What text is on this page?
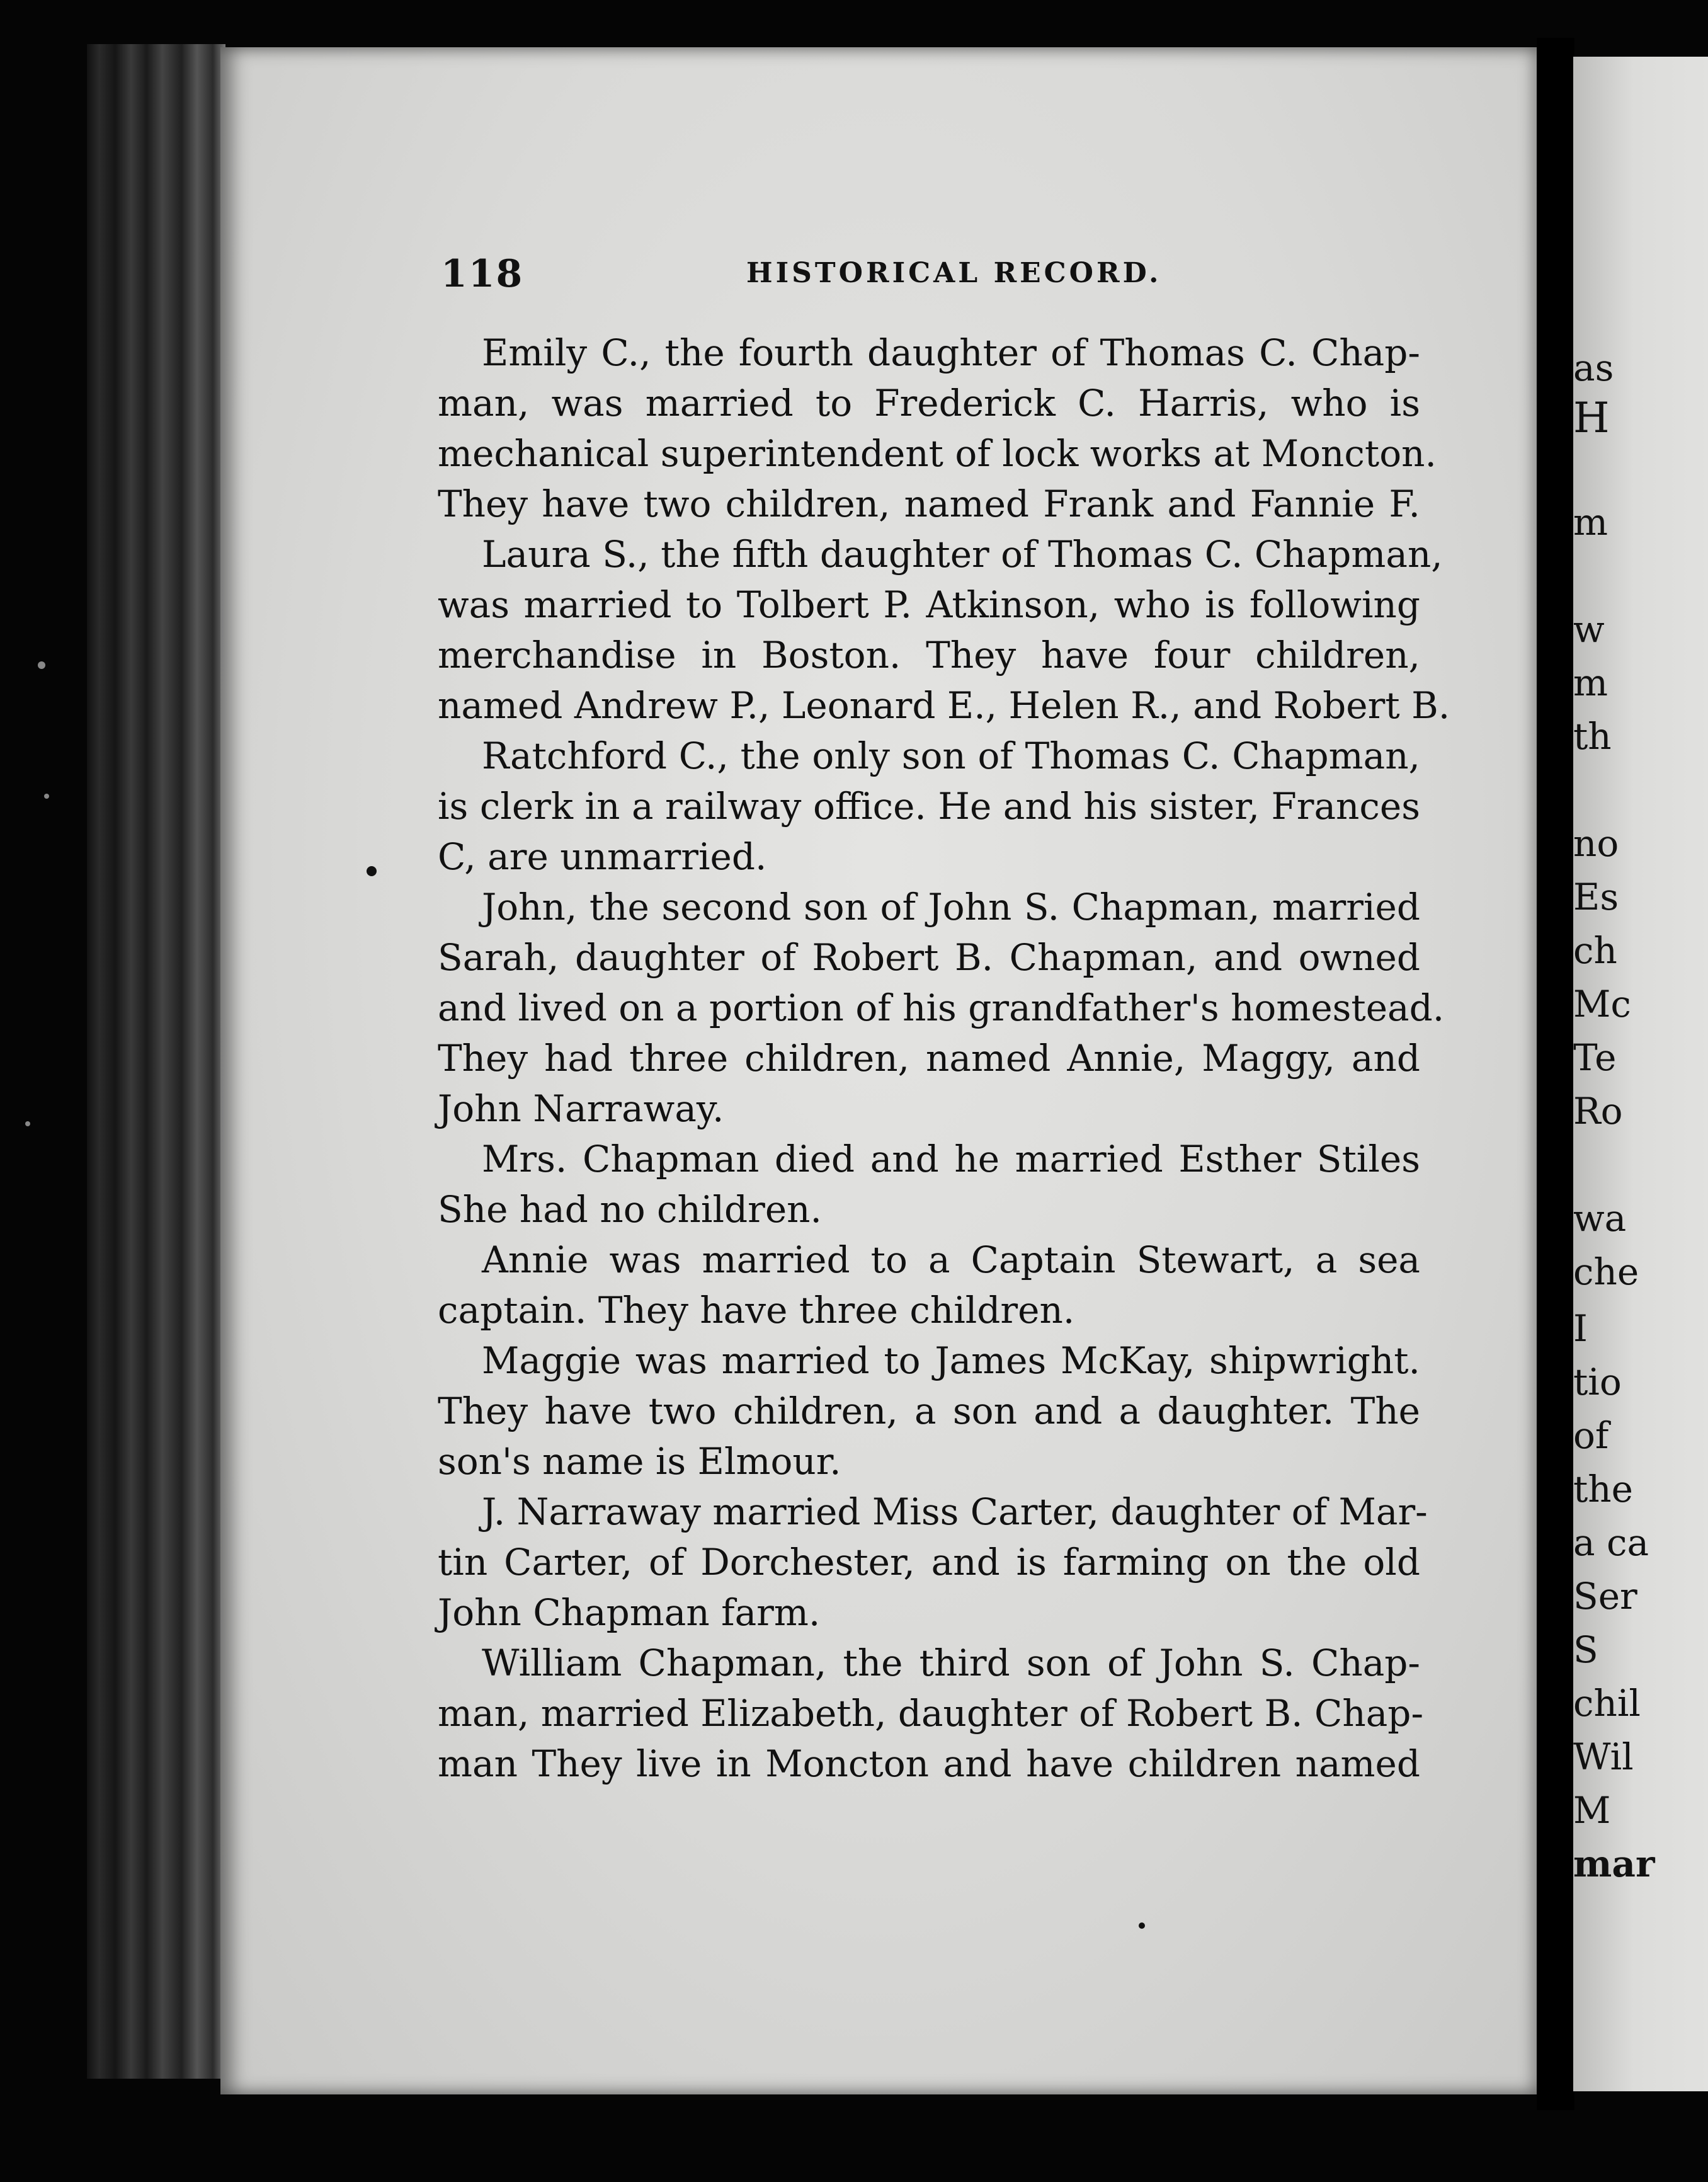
118	HISTORICAL RECORD.
Emily C., the fourth daughter of Thomas C. Chap-
man, was married to Frederick C. Harris, who is
mechanical superintendent of lock works at Moncton.
They have two children, named Frank and Fannie F.
Laura S., the fifth daughter of Thomas C. Chapman,
was married to Tolbert P. Atkinson, who is following
merchandise in Boston. They have four children,
named Andrew P., Leonard E., Helen R., and Robert B.
Ratchford C., the only son of Thomas C. Chapman,
is clerk in a railway office. He and his sister, Frances
C, are unmarried.
John, the second son of John S. Chapman, married
Sarah, daughter of Robert B. Chapman, and owned
and lived on a portion of his grandfather's homestead.
They had three children, named Annie, Maggy, and
John Narraway.
Mrs. Chapman died and he married Esther Stiles
She had no children.
Annie was married to a Captain Stewart, a sea
captain. They have three children.
Maggie was married to James McKay, shipwright.
They have two children, a son and a daughter. The
son's name is Elmour.
J. Narraway married Miss Carter, daughter of Mar-
tin Carter, of Dorchester, and is farming on the old
John Chapman farm.
William Chapman, the third son of John S. Chap-
man, married Elizabeth, daughter of Robert B. Chap-
man They live in Moncton and have children named
as
H
m
w
m
th
no
Es
ch
Mc
Te
Ro
wa
che
I
tio
of
the
a ca
Ser
S
chil
Wil
M
mar
